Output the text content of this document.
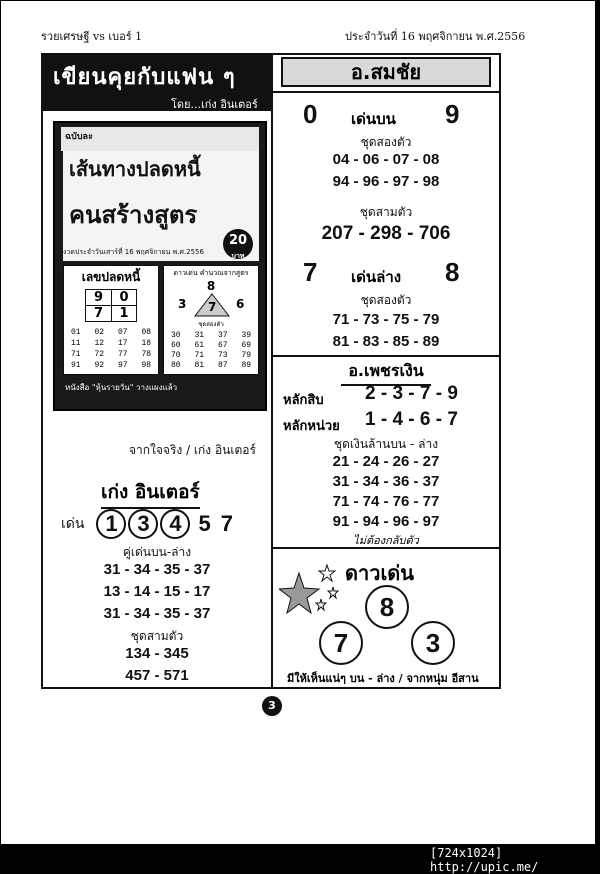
รวยเศรษฐี vs เบอร์ 1	ประจำวันที่ 16 พฤศจิกายน พ.ศ.2556
เขียนคุยกับแฟน ๆ
โดย...เก่ง อินเตอร์
ฉบับละ
เส้นทางปลดหนี้
คนสร้างสูตร
20
บาท
งวดประจำวันเสาร์ที่ 16 พฤศจิกายน พ.ศ.2556
เลขปลดหนี้
9	0
7	1
01	02	07	08
11	12	17	18
71	72	77	78
91	92	97	98
ดาวเด่น คำนวณจากสูตร
8
3 7 6
ชุดสองตัว
30	31	37	39
60	61	67	69
70	71	73	79
80	81	87	89
หนังสือ "หุ้นรายวัน" วางแผงแล้ว
จากใจจริง / เก่ง อินเตอร์
เก่ง อินเตอร์
เด่น 1 3 4 5 7
คู่เด่นบน-ล่าง
31 - 34 - 35 - 37
13 - 14 - 15 - 17
31 - 34 - 35 - 37
ชุดสามตัว
134 - 345
457 - 571
อ.สมชัย
0 เด่นบน 9
ชุดสองตัว
04 - 06 - 07 - 08
94 - 96 - 97 - 98
ชุดสามตัว
207 - 298 - 706
7 เด่นล่าง 8
ชุดสองตัว
71 - 73 - 75 - 79
81 - 83 - 85 - 89
อ.เพชรเงิน
หลักสิบ 2 - 3 - 7 - 9
หลักหน่วย 1 - 4 - 6 - 7
ชุดเงินล้านบน - ล่าง
21 - 24 - 26 - 27
31 - 34 - 36 - 37
71 - 74 - 76 - 77
91 - 94 - 96 - 97
ไม่ต้องกลับตัว
ดาวเด่น
8
7	3
มีให้เห็นแน่ๆ บน - ล่าง / จากหนุ่ม อีสาน
3
[724x1024] http://upic.me/
